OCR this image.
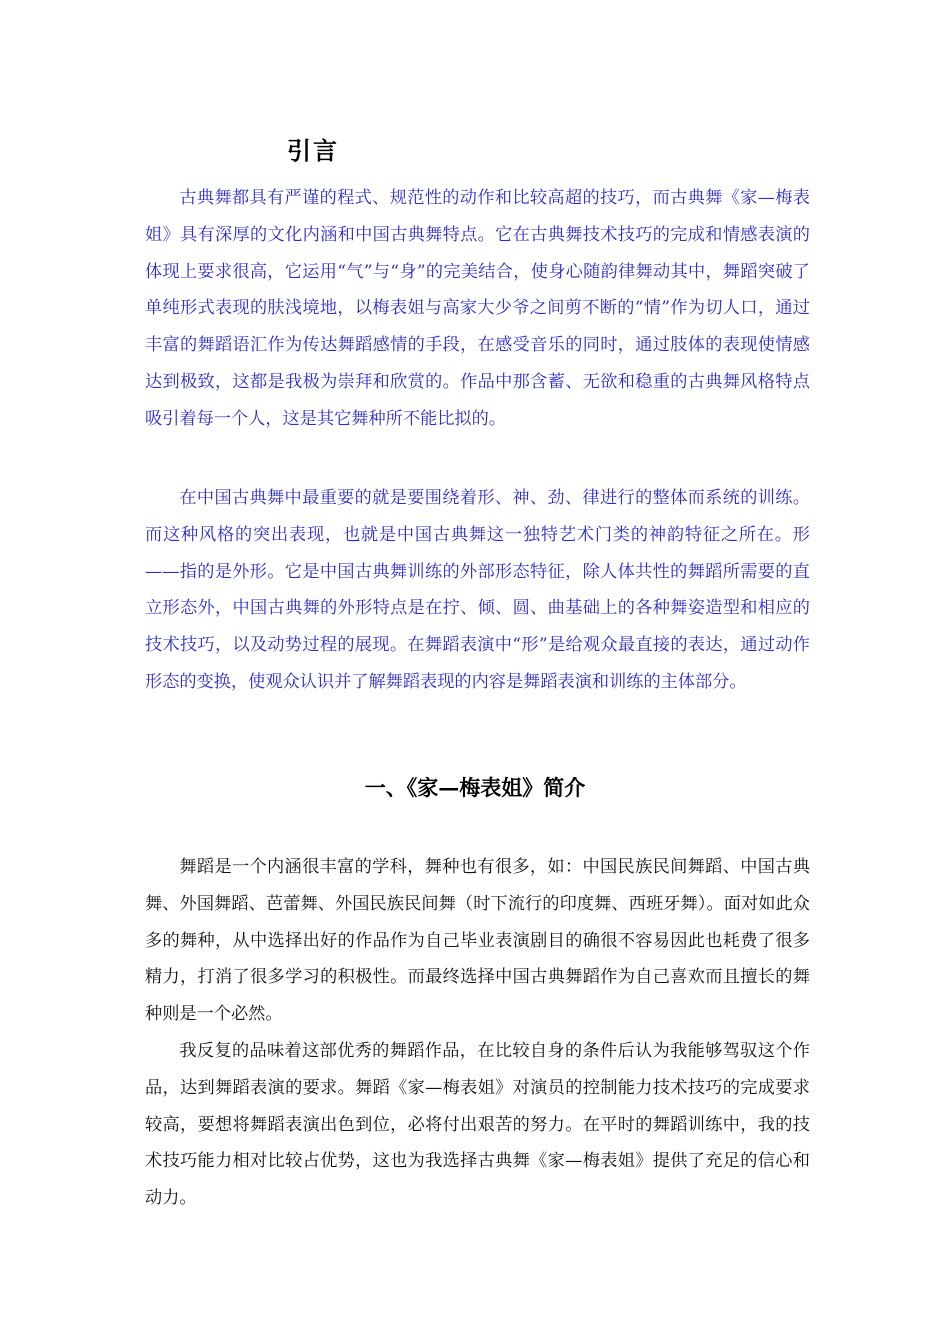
引言

古典舞都具有严谨的程式、规范性的动作和比较高超的技巧，而古典舞《家—梅表姐》具有深厚的文化内涵和中国古典舞特点。它在古典舞技术技巧的完成和情感表演的体现上要求很高，它运用“气”与“身”的完美结合，使身心随韵律舞动其中，舞蹈突破了单纯形式表现的肤浅境地，以梅表姐与高家大少爷之间剪不断的“情”作为切人口，通过丰富的舞蹈语汇作为传达舞蹈感情的手段，在感受音乐的同时，通过肢体的表现使情感达到极致，这都是我极为崇拜和欣赏的。作品中那含蓄、无欲和稳重的古典舞风格特点吸引着每一个人，这是其它舞种所不能比拟的。

在中国古典舞中最重要的就是要围绕着形、神、劲、律进行的整体而系统的训练。而这种风格的突出表现，也就是中国古典舞这一独特艺术门类的神韵特征之所在。形——指的是外形。它是中国古典舞训练的外部形态特征，除人体共性的舞蹈所需要的直立形态外，中国古典舞的外形特点是在拧、倾、圆、曲基础上的各种舞姿造型和相应的技术技巧，以及动势过程的展现。在舞蹈表演中“形”是给观众最直接的表达，通过动作形态的变换，使观众认识并了解舞蹈表现的内容是舞蹈表演和训练的主体部分。

一、《家—梅表姐》简介

舞蹈是一个内涵很丰富的学科，舞种也有很多，如：中国民族民间舞蹈、中国古典舞、外国舞蹈、芭蕾舞、外国民族民间舞（时下流行的印度舞、西班牙舞）。面对如此众多的舞种，从中选择出好的作品作为自己毕业表演剧目的确很不容易因此也耗费了很多精力，打消了很多学习的积极性。而最终选择中国古典舞蹈作为自己喜欢而且擅长的舞种则是一个必然。

我反复的品味着这部优秀的舞蹈作品，在比较自身的条件后认为我能够驾驭这个作品，达到舞蹈表演的要求。舞蹈《家—梅表姐》对演员的控制能力技术技巧的完成要求较高，要想将舞蹈表演出色到位，必将付出艰苦的努力。在平时的舞蹈训练中，我的技术技巧能力相对比较占优势，这也为我选择古典舞《家—梅表姐》提供了充足的信心和动力。
